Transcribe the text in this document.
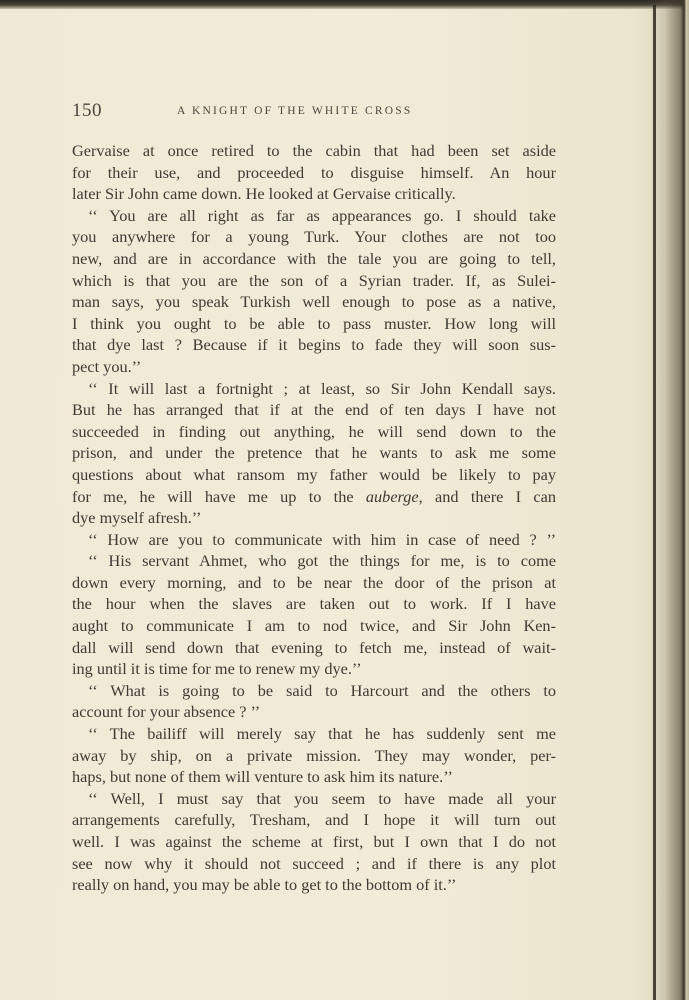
150	A KNIGHT OF THE WHITE CROSS
Gervaise at once retired to the cabin that had been set aside
for their use, and proceeded to disguise himself. An hour
later Sir John came down. He looked at Gervaise critically.
‘‘ You are all right as far as appearances go. I should take
you anywhere for a young Turk. Your clothes are not too
new, and are in accordance with the tale you are going to tell,
which is that you are the son of a Syrian trader. If, as Sulei-
man says, you speak Turkish well enough to pose as a native,
I think you ought to be able to pass muster. How long will
that dye last ? Because if it begins to fade they will soon sus-
pect you.’’
‘‘ It will last a fortnight ; at least, so Sir John Kendall says.
But he has arranged that if at the end of ten days I have not
succeeded in finding out anything, he will send down to the
prison, and under the pretence that he wants to ask me some
questions about what ransom my father would be likely to pay
for me, he will have me up to the auberge, and there I can
dye myself afresh.’’
‘‘ How are you to communicate with him in case of need ? ’’
‘‘ His servant Ahmet, who got the things for me, is to come
down every morning, and to be near the door of the prison at
the hour when the slaves are taken out to work. If I have
aught to communicate I am to nod twice, and Sir John Ken-
dall will send down that evening to fetch me, instead of wait-
ing until it is time for me to renew my dye.’’
‘‘ What is going to be said to Harcourt and the others to
account for your absence ? ’’
‘‘ The bailiff will merely say that he has suddenly sent me
away by ship, on a private mission. They may wonder, per-
haps, but none of them will venture to ask him its nature.’’
‘‘ Well, I must say that you seem to have made all your
arrangements carefully, Tresham, and I hope it will turn out
well. I was against the scheme at first, but I own that I do not
see now why it should not succeed ; and if there is any plot
really on hand, you may be able to get to the bottom of it.’’
